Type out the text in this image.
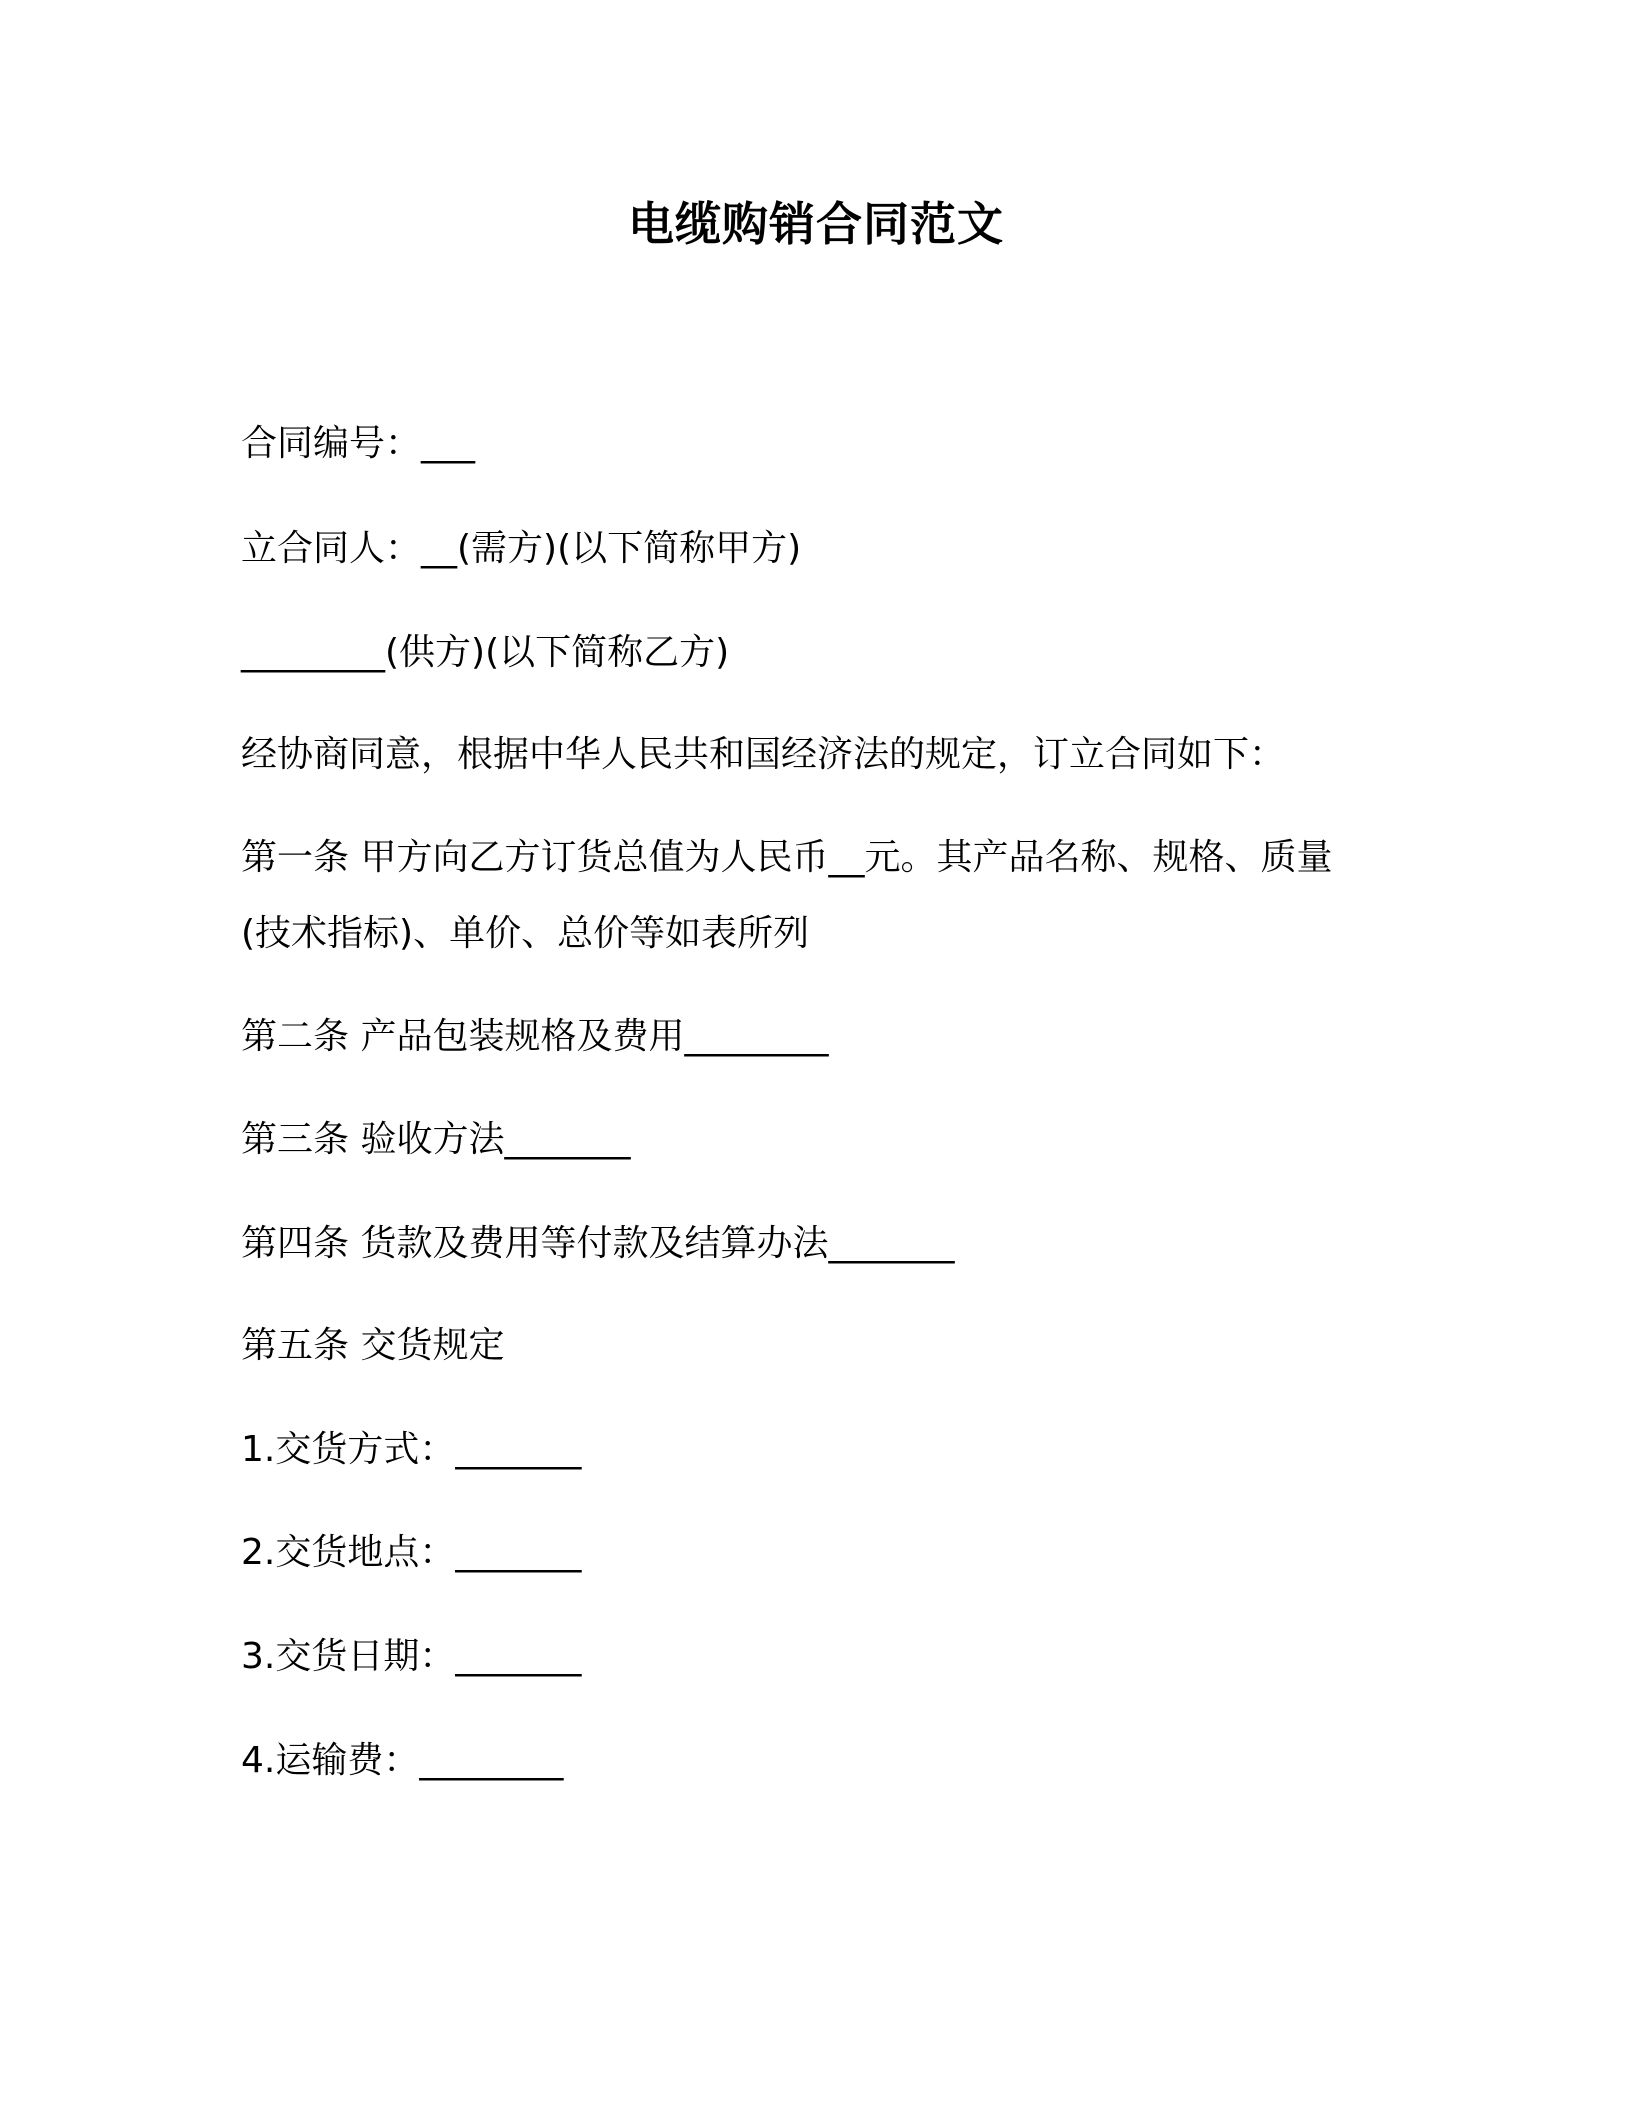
电缆购销合同范文
合同编号：___
立合同人：__(需方)(以下简称甲方)
________(供方)(以下简称乙方)
经协商同意，根据中华人民共和国经济法的规定，订立合同如下：
第一条 甲方向乙方订货总值为人民币__元。其产品名称、规格、质量
(技术指标)、单价、总价等如表所列
第二条 产品包装规格及费用________
第三条 验收方法_______
第四条 货款及费用等付款及结算办法_______
第五条 交货规定
1.交货方式：_______
2.交货地点：_______
3.交货日期：_______
4.运输费：________
